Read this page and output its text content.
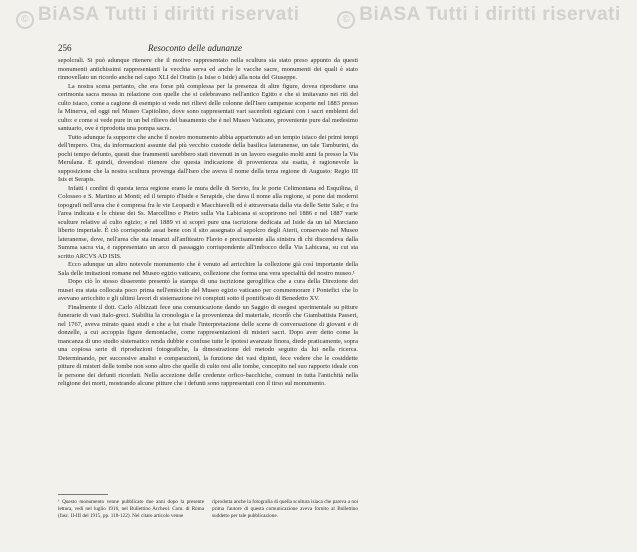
© BiASA Tutti i diritti riservati	© BiASA Tutti i diritti riservati
256	Resoconto delle adunanze

sepolcrali. Si può adunque ritenere che il motivo rappresentato nella scultura sia stato preso appunto da questi monumenti antichissimi rappresentanti la vecchia serva ed anche le vacche sacre, monumenti dei quali è stato rinnovellato un ricordo anche nel capo XLI del Oratio (a Isise o Iside) alla nota del Giuseppe.

La nostra scena pertanto, che era forse più complessa per la presenza di altre figure, dovea riprodurre una cerimonia sacra messa in relazione con quelle che si celebravano nell'antico Egitto e che si imitavano nei riti del culto isiaco, come a cagione di esempio si vede nei rilievi delle colonne dell'Iseo campense scoperte nel 1883 presso la Minerva, ed oggi nel Museo Capitolino, dove sono rappresentati vari sacerdoti egiziani con i sacri emblemi del culto: e come si vede pure in un bel rilievo del basamento che è nel Museo Vaticano, proveniente pure dal medesimo santuario, ove è riprodotta una pompa sacra.

Tutto adunque fa supporre che anche il nostro monumento abbia appartenuto ad un tempio isiaco dei primi tempi dell'impero. Ora, da informazioni assunte dal più vecchio custode della basilica lateranense, un tale Tamburini, da pochi tempo defunto, questi due frammenti sarebbero stati rinvenuti in un lavoro eseguito molti anni fa presso la Via Merulana. È quindi, dovendosi ritenere che questa indicazione di provenienza sia esatta, è ragionevole la supposizione che la nostra scultura provenga dall'Iseo che aveva il nome della terza regione di Augusto: Regio III Isis et Serapis.

Infatti i confini di questa terza regione erano le mura delle di Servio, fra le porte Celimontana ed Esquilina, il Colosseo e S. Martino ai Monti; ed il tempio d'Iside e Serapide, che dava il nome alla regione, si pone dai moderni topografi nell'area che è compresa fra le vie Leopardi e Macchiavelli ed è attraversata dalla via delle Sette Sale; e fra l'area indicata e le chiese dei Ss. Marcellino e Pietro sulla Via Labicana si scoprirono nel 1886 e nel 1887 varie sculture relative al culto egizio; e nel 1889 vi si scoprì pure una iscrizione dedicata ad Iside da un tal Marciano liberto imperiale. È ciò corrisponde assai bene con il sito assegnato al sepolcro degli Aterii, conservato nel Museo lateranense, dove, nell'area che sta innanzi all'anfiteatro Flavio e precisamente alla sinistra di chi discendeva dalla Summa sacra via, è rappresentato un arco di passaggio corrispondente all'imbocco della Via Labicana, su cui sta scritto ARCVS AD ISIS.

Ecco adunque un altro notevole monumento che è venuto ad arricchire la collezione già così importante della Sala delle imitazioni romane nel Museo egizio vaticano, collezione che forma una vera specialità del nostro museo.¹

Dopo ciò lo stesso disserente presentò la stampa di una iscrizione geroglifica che a cura della Direzione dei musei era stata collocata poco prima nell'emiciclo del Museo egizio vaticano per commemorare i Pontefici che lo avevano arricchito e gli ultimi lavori di sistemazione ivi compiuti sotto il pontificato di Benedetto XV.

Finalmente il dott. Carlo Albizzati fece una comunicazione dando un Saggio di esegesi sperimentale su pitture funerarie di vasi italo-greci. Stabilita la cronologia e la provenienza del materiale, ricordò che Giambattista Passeri, nel 1767, aveva mirato quasi studi e che a lui risale l'interpretazione delle scene di conversazione di giovani e di donzelle, a cui accoppia figure demoniache, come rappresentazioni di misteri sacri. Dopo aver detto come la mancanza di uno studio sistematico renda dubbie e confuse tutte le ipotesi avanzate finora, diede praticamente, sopra una copiosa serie di riproduzioni fotografiche, la dimostrazione del metodo seguito da lui nella ricerca. Determinando, per successive analisi e comparazioni, la funzione dei vasi dipinti, fece vedere che le cosiddette pitture di misteri delle tombe non sono altro che quelle di culto resi alle tombe, concepito nel suo rapporto ideale con le persone dei defunti ricordati. Nella accezione delle credenze orfico-bacchiche, comuni in tutta l'antichità nella religione dei morti, mostrando alcune pitture che i defunti sono rappresentati con il tirso sul monumento.

¹ Questo monumento venne pubblicato due anni dopo la presente lettura, vedi nel luglio 1916, nel Bullettino Archeol. Com. di Roma (fasc. II-III del 1915, pp. 118-122). Nel citato articolo venne
riprodotta anche la fotografia di quella scultura isiaca che pareva a noi prima l'autore di questa comunicazione aveva fornito al Bullettino suddetto per tale pubblicazione.
